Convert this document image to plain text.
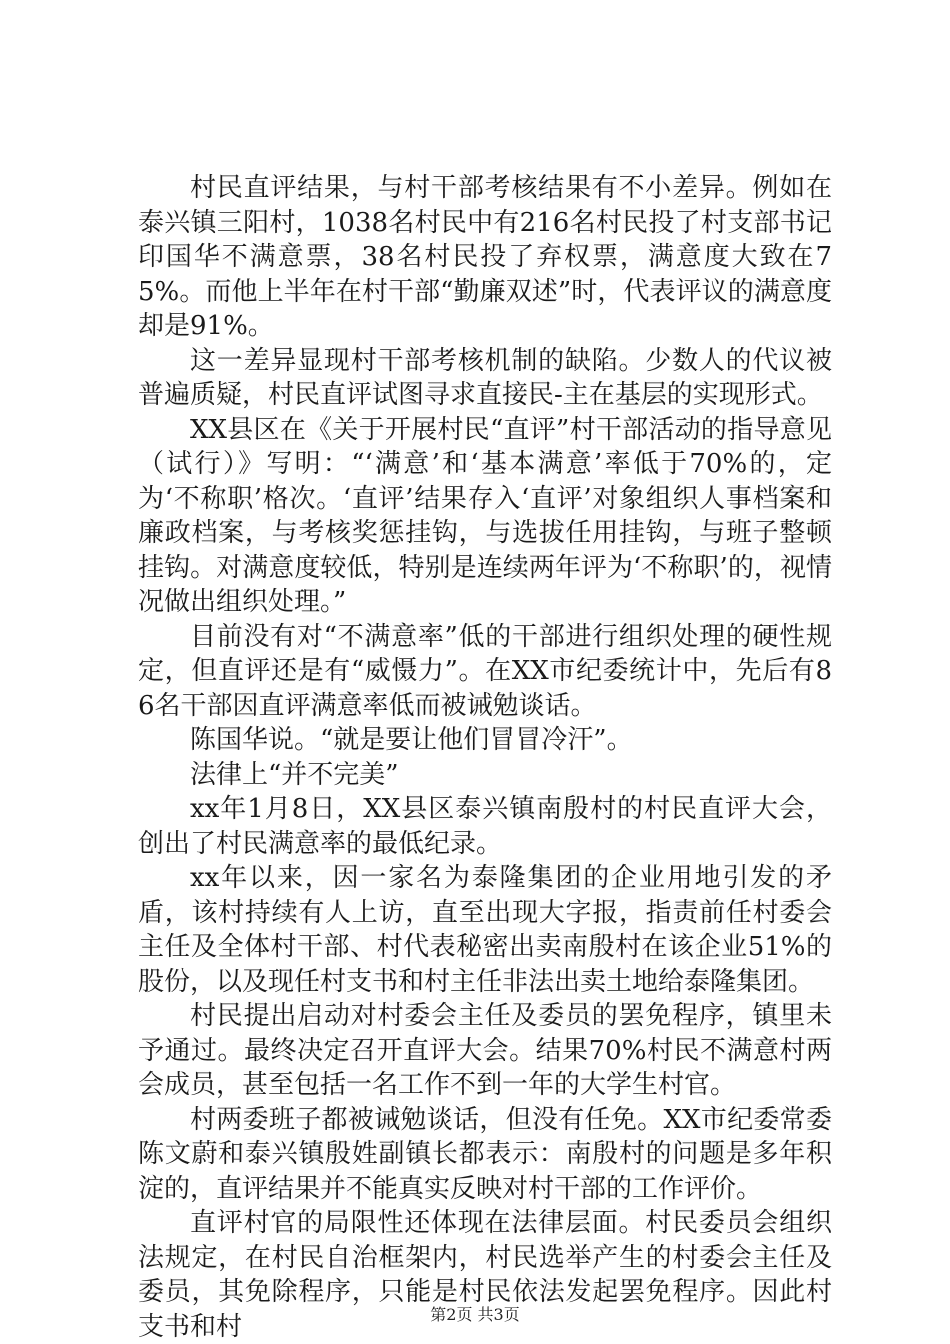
村民直评结果，与村干部考核结果有不小差异。例如在泰兴镇三阳村，1038名村民中有216名村民投了村支部书记印国华不满意票，38名村民投了弃权票，满意度大致在75%。而他上半年在村干部“勤廉双述”时，代表评议的满意度却是91%。

这一差异显现村干部考核机制的缺陷。少数人的代议被普遍质疑，村民直评试图寻求直接民-主在基层的实现形式。

XX县区在《关于开展村民“直评”村干部活动的指导意见（试行）》写明：“‘满意’和‘基本满意’率低于70%的，定为‘不称职’格次。‘直评’结果存入‘直评’对象组织人事档案和廉政档案，与考核奖惩挂钩，与选拔任用挂钩，与班子整顿挂钩。对满意度较低，特别是连续两年评为‘不称职’的，视情况做出组织处理。”

目前没有对“不满意率”低的干部进行组织处理的硬性规定，但直评还是有“威慑力”。在XX市纪委统计中，先后有86名干部因直评满意率低而被诫勉谈话。

陈国华说。“就是要让他们冒冒冷汗”。

法律上“并不完美”

xx年1月8日，XX县区泰兴镇南殷村的村民直评大会，创出了村民满意率的最低纪录。

xx年以来，因一家名为泰隆集团的企业用地引发的矛盾，该村持续有人上访，直至出现大字报，指责前任村委会主任及全体村干部、村代表秘密出卖南殷村在该企业51%的股份，以及现任村支书和村主任非法出卖土地给泰隆集团。

村民提出启动对村委会主任及委员的罢免程序，镇里未予通过。最终决定召开直评大会。结果70%村民不满意村两会成员，甚至包括一名工作不到一年的大学生村官。

村两委班子都被诫勉谈话，但没有任免。XX市纪委常委陈文蔚和泰兴镇殷姓副镇长都表示：南殷村的问题是多年积淀的，直评结果并不能真实反映对村干部的工作评价。

直评村官的局限性还体现在法律层面。村民委员会组织法规定，在村民自治框架内，村民选举产生的村委会主任及委员，其免除程序，只能是村民依法发起罢免程序。因此村支书和村	第2页 共3页
